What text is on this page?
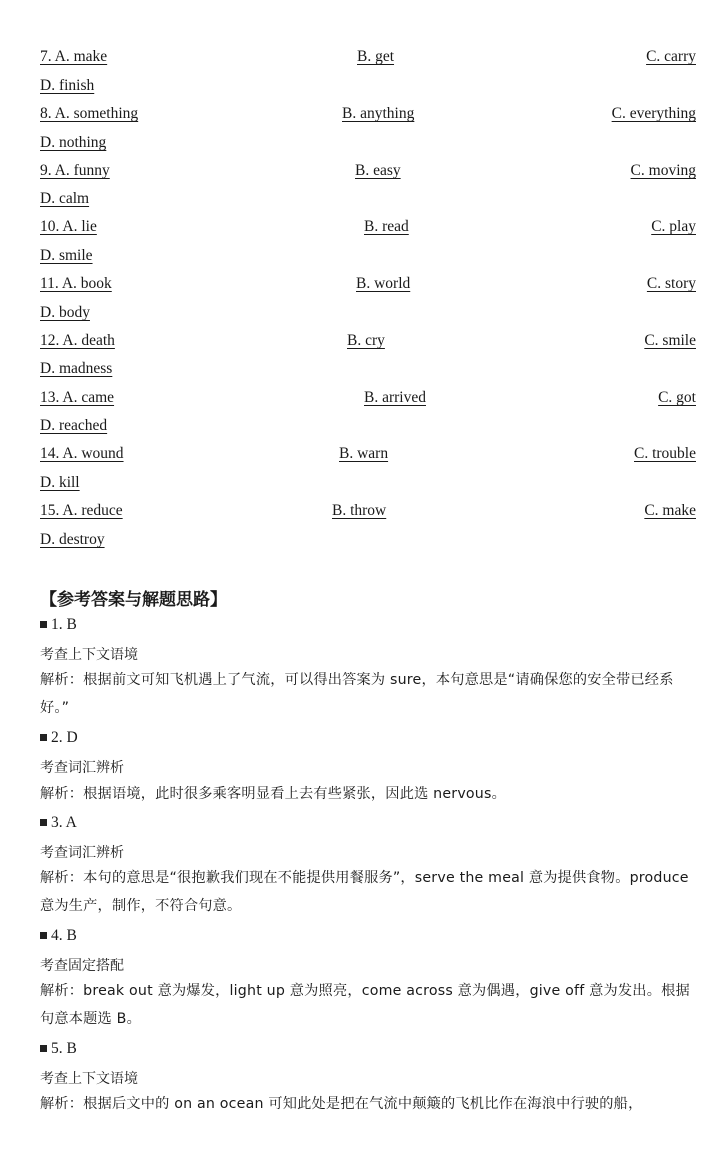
7. A. make	B. get	C. carry
D. finish
8. A. something	B. anything	C. everything
D. nothing
9. A. funny	B. easy	C. moving
D. calm
10. A. lie	B. read	C. play
D. smile
11. A. book	B. world	C. story
D. body
12. A. death	B. cry	C. smile
D. madness
13. A. came	B. arrived	C. got
D. reached
14. A. wound	B. warn	C. trouble
D. kill
15. A. reduce	B. throw	C. make
D. destroy
【参考答案与解题思路】
1. B
考查上下文语境
解析：根据前文可知飞机遇上了气流，可以得出答案为 sure，本句意思是“请确保您的安全带已经系好。”
2. D
考查词汇辨析
解析：根据语境，此时很多乘客明显看上去有些紧张，因此选 nervous。
3. A
考查词汇辨析
解析：本句的意思是“很抱歉我们现在不能提供用餐服务”，serve the meal 意为提供食物。produce 意为生产，制作，不符合句意。
4. B
考查固定搭配
解析：break out 意为爆发，light up 意为照亮，come across 意为偶遇，give off 意为发出。根据句意本题选 B。
5. B
考查上下文语境
解析：根据后文中的 on an ocean 可知此处是把在气流中颠簸的飞机比作在海浪中行驶的船，
